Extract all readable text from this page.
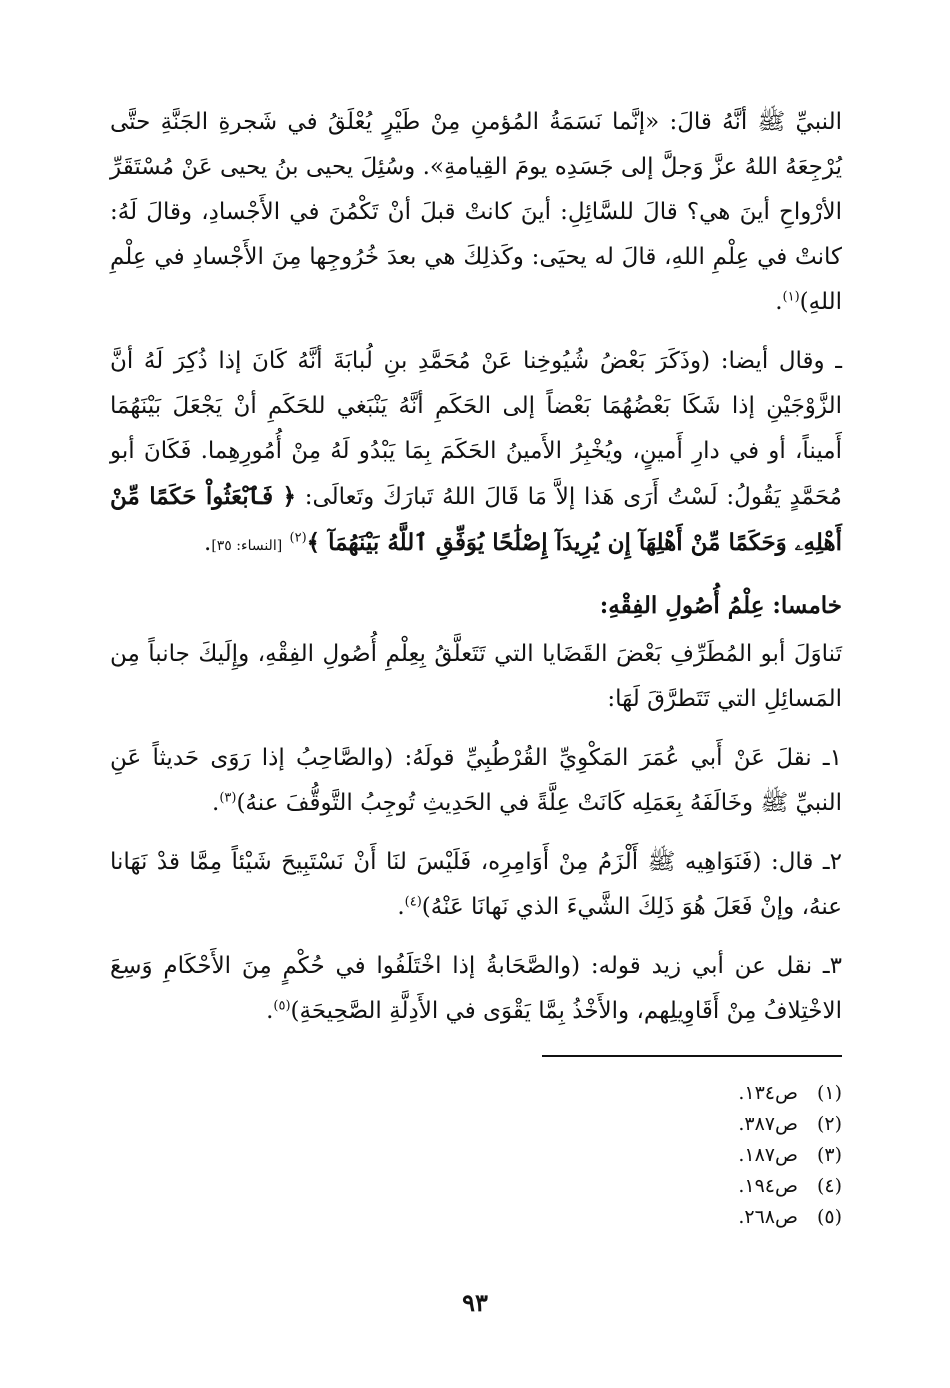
النبيِّ ﷺ أنَّهُ قالَ: «إنَّما نَسَمَةُ المُؤمنِ مِنْ طَيْرٍ يُعْلَقُ في شَجرةِ الجَنَّةِ حتَّى يُرْجِعَهُ اللهُ عزَّ وَجلَّ إلى جَسَدِه يومَ القِيامةِ». وسُئِلَ يحيى بنُ يحيى عَنْ مُسْتَقَرِّ الأرْواحِ أينَ هي؟ قالَ للسَّائِلِ: أينَ كانتْ قبلَ أنْ تَكْمُنَ في الأَجْسادِ، وقالَ لَهُ: كانتْ في عِلْمِ اللهِ، قالَ له يحيَى: وكَذلِكَ هي بعدَ خُرُوجِها مِنَ الأَجْسادِ في عِلْمِ اللهِ)$^{(١)}$.

ـ وقال أيضا: (وذَكَرَ بَعْضُ شُيُوخِنا عَنْ مُحَمَّدِ بنِ لُبابَةَ أنَّهُ كَانَ إذا ذُكِرَ لَهُ أنَّ الزَّوْجَيْنِ إذا شَكَا بَعْضُهُمَا بَعْضاً إلى الحَكَمِ أنَّهُ يَنْبَغي للحَكَمِ أنْ يَجْعَلَ بَيْنَهُمَا أَميناً، أو في دارِ أَمينٍ، ويُخْبِرُ الأَمينُ الحَكَمَ بِمَا يَبْدُو لَهُ مِنْ أُمُورِهِما. فَكَانَ أبو مُحَمَّدٍ يَقُولُ: لَسْتُ أَرَى هَذا إلاَّ مَا قَالَ اللهُ تَبارَكَ وتَعالَى: ﴿ فَٱبْعَثُواْ حَكَمًا مِّنْ أَهْلِهِۦ وَحَكَمًا مِّنْ أَهْلِهَآ إِن يُرِيدَآ إِصْلَٰحًا يُوَفِّقِ ٱللَّهُ بَيْنَهُمَآ ﴾$^{(٢)}$ [النساء: ٣٥].

خامسا: عِلْمُ أُصُولِ الفِقْهِ:

تَناوَلَ أبو المُطَرِّفِ بَعْضَ القَضَايا التي تَتَعلَّقُ بِعِلْمِ أُصُولِ الفِقْهِ، وإِلَيكَ جانباً مِن المَسائِلِ التي تَتَطرَّقَ لَهَا:

١ـ نقلَ عَنْ أَبي عُمَرَ المَكْوِيِّ القُرْطُبِيِّ قولَهُ: (والصَّاحِبُ إذا رَوَى حَديثاً عَنِ النبيِّ ﷺ وخَالَفَهُ بِعَمَلِه كَانَتْ عِلَّةً في الحَدِيثِ تُوجِبُ التَّوقُّفَ عنهُ)$^{(٣)}$.

٢ـ قال: (فَنَوَاهِيه ﷺ أَلْزَمُ مِنْ أَوَامِرِه، فَلَيْسَ لنَا أَنْ نَسْتَبِيحَ شَيْئاً مِمَّا قدْ نَهَانا عنهُ، وإنْ فَعَلَ هُوَ ذَلِكَ الشَّيءَ الذي نَهانَا عَنْهُ)$^{(٤)}$.

٣ـ نقل عن أبي زيد قوله: (والصَّحَابةُ إذا اخْتَلَفُوا في حُكْمٍ مِنَ الأَحْكَامِ وَسِعَ الاخْتِلافُ مِنْ أَقَاوِيلِهم، والأَخْذُ بِمَّا يَقْوَى في الأَدِلَّةِ الصَّحِيحَةِ)$^{(٥)}$.

(١)
ص١٣٤.
(٢)
ص٣٨٧.
(٣)
ص١٨٧.
(٤)
ص١٩٤.
(٥)
ص٢٦٨.
٩٣
